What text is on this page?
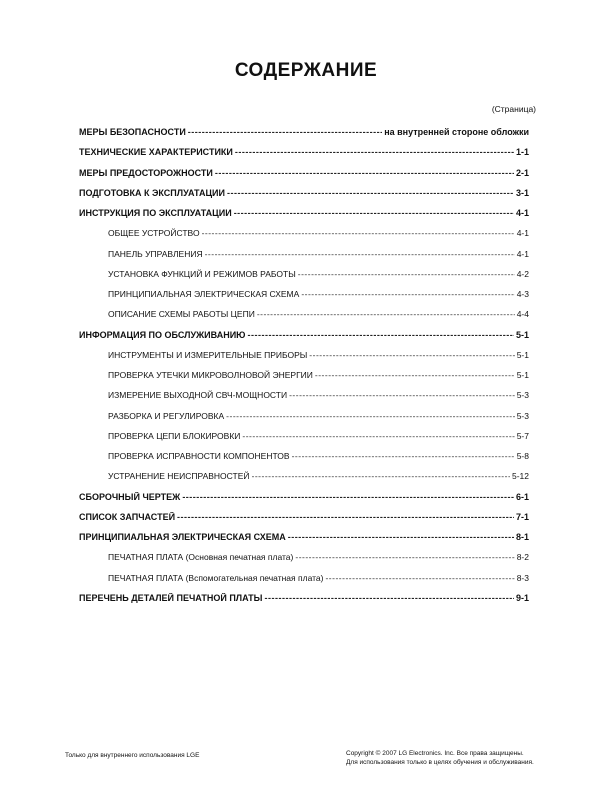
СОДЕРЖАНИЕ
(Страница)
МЕРЫ БЕЗОПАСНОСТИ -----	на внутренней стороне обложки
ТЕХНИЧЕСКИЕ ХАРАКТЕРИСТИКИ -----	1-1
МЕРЫ ПРЕДОСТОРОЖНОСТИ -----	2-1
ПОДГОТОВКА К ЭКСПЛУАТАЦИИ -----	3-1
ИНСТРУКЦИЯ ПО ЭКСПЛУАТАЦИИ -----	4-1
ОБЩЕЕ УСТРОЙСТВО -----	4-1
ПАНЕЛЬ УПРАВЛЕНИЯ -----	4-1
УСТАНОВКА ФУНКЦИЙ И РЕЖИМОВ РАБОТЫ -----	4-2
ПРИНЦИПИАЛЬНАЯ ЭЛЕКТРИЧЕСКАЯ СХЕМА -----	4-3
ОПИСАНИЕ СХЕМЫ РАБОТЫ ЦЕПИ -----	4-4
ИНФОРМАЦИЯ ПО ОБСЛУЖИВАНИЮ -----	5-1
ИНСТРУМЕНТЫ И ИЗМЕРИТЕЛЬНЫЕ ПРИБОРЫ -----	5-1
ПРОВЕРКА УТЕЧКИ МИКРОВОЛНОВОЙ ЭНЕРГИИ -----	5-1
ИЗМЕРЕНИЕ ВЫХОДНОЙ СВЧ-МОЩНОСТИ -----	5-3
РАЗБОРКА И РЕГУЛИРОВКА -----	5-3
ПРОВЕРКА ЦЕПИ БЛОКИРОВКИ -----	5-7
ПРОВЕРКА ИСПРАВНОСТИ КОМПОНЕНТОВ -----	5-8
УСТРАНЕНИЕ НЕИСПРАВНОСТЕЙ -----	5-12
СБОРОЧНЫЙ ЧЕРТЕЖ -----	6-1
СПИСОК ЗАПЧАСТЕЙ -----	7-1
ПРИНЦИПИАЛЬНАЯ ЭЛЕКТРИЧЕСКАЯ СХЕМА -----	8-1
ПЕЧАТНАЯ ПЛАТА (Основная печатная плата) -----	8-2
ПЕЧАТНАЯ ПЛАТА (Вспомогательная печатная плата) -----	8-3
ПЕРЕЧЕНЬ ДЕТАЛЕЙ ПЕЧАТНОЙ ПЛАТЫ -----	9-1
Только для внутреннего использования LGE	Copyright © 2007 LG Electronics. Inc. Все права защищены.
Для использования только в целях обучения и обслуживания.
